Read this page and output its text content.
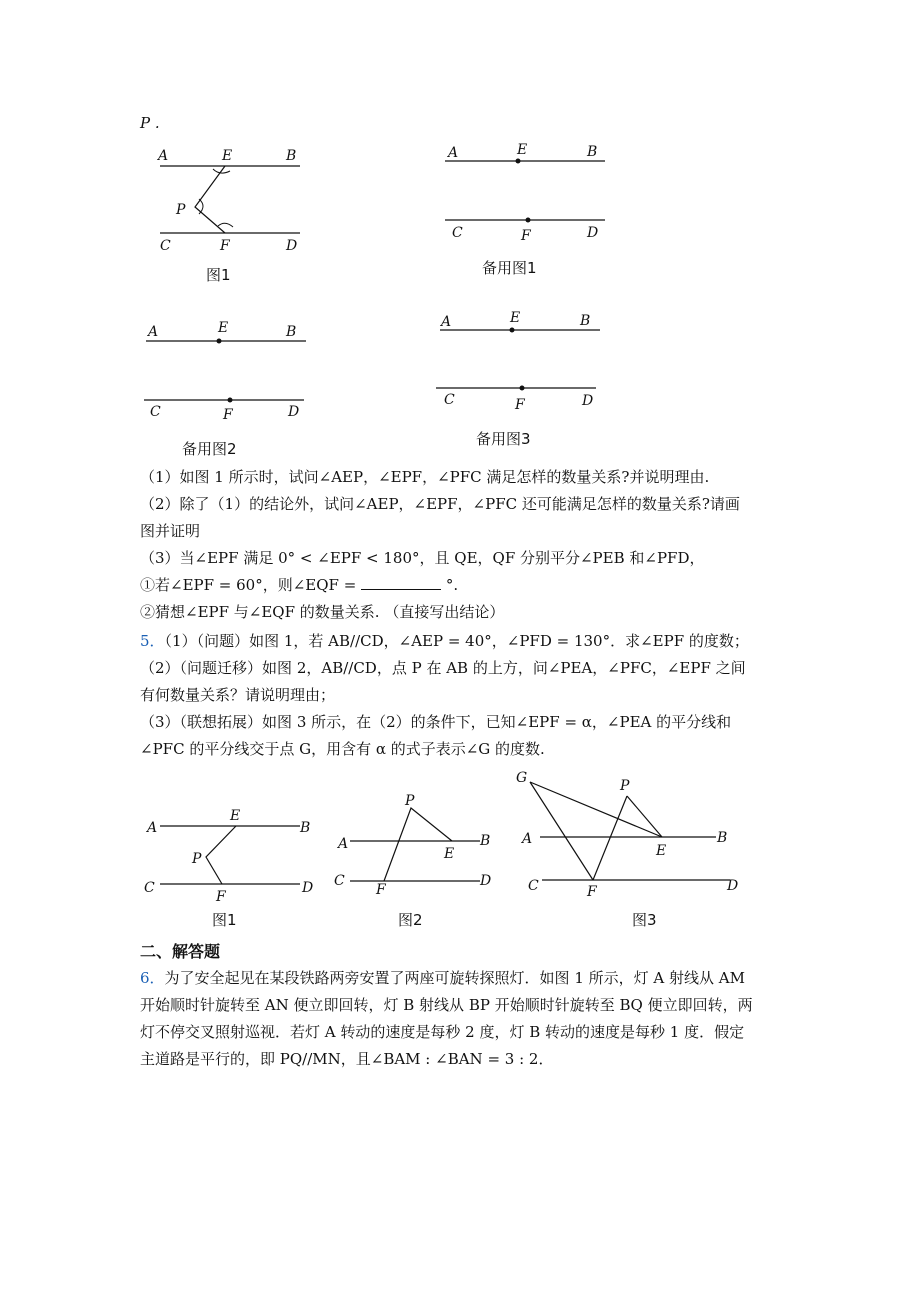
P .
A	E	B
P
C	F	D
图1
A	E	B
C	F	D
备用图1
A	E	B
C	F	D
备用图2
A	E	B
C	F	D
备用图3
（1）如图 1 所示时，试问∠AEP，∠EPF，∠PFC 满足怎样的数量关系?并说明理由.
（2）除了（1）的结论外，试问∠AEP，∠EPF，∠PFC 还可能满足怎样的数量关系?请画
图并证明
（3）当∠EPF 满足 0° < ∠EPF < 180°，且 QE，QF 分别平分∠PEB 和∠PFD，
①若∠EPF = 60°，则∠EQF =	°.
②猜想∠EPF 与∠EQF 的数量关系. （直接写出结论）
5．（1）（问题）如图 1，若 AB//CD，∠AEP = 40°，∠PFD = 130°．求∠EPF 的度数；
（2）（问题迁移）如图 2，AB//CD，点 P 在 AB 的上方，问∠PEA，∠PFC，∠EPF 之间
有何数量关系？请说明理由；
（3）（联想拓展）如图 3 所示，在（2）的条件下，已知∠EPF = α，∠PEA 的平分线和
∠PFC 的平分线交于点 G，用含有 α 的式子表示∠G 的度数.
A
E
B
P
C
F
D
图1
A
P
E
B
C
F
D
图2
G	P
A
E
B
C	F	D
图3
二、解答题
6．为了安全起见在某段铁路两旁安置了两座可旋转探照灯．如图 1 所示，灯 A 射线从 AM
开始顺时针旋转至 AN 便立即回转，灯 B 射线从 BP 开始顺时针旋转至 BQ 便立即回转，两
灯不停交叉照射巡视．若灯 A 转动的速度是每秒 2 度，灯 B 转动的速度是每秒 1 度．假定
主道路是平行的，即 PQ//MN，且∠BAM : ∠BAN = 3 : 2．
